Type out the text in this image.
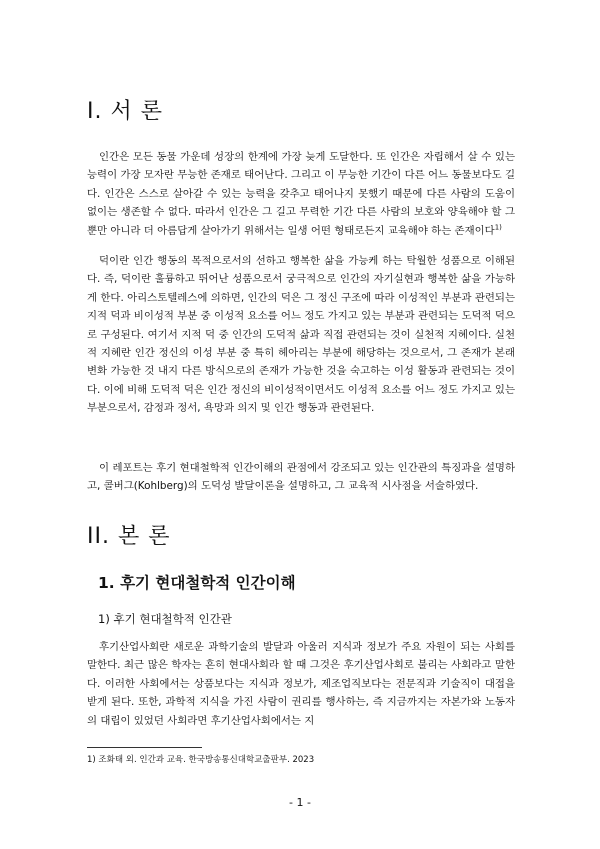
I. 서 론

인간은 모든 동물 가운데 성장의 한계에 가장 늦게 도달한다. 또 인간은 자립해서 살 수 있는 능력이 가장 모자란 무능한 존재로 태어난다. 그리고 이 무능한 기간이 다른 어느 동물보다도 길다. 인간은 스스로 살아갈 수 있는 능력을 갖추고 태어나지 못했기 때문에 다른 사람의 도움이 없이는 생존할 수 없다. 따라서 인간은 그 길고 무력한 기간 다른 사람의 보호와 양육해야 할 그뿐만 아니라 더 아름답게 살아가기 위해서는 일생 어떤 형태로든지 교육해야 하는 존재이다$^{1)}$

덕이란 인간 행동의 목적으로서의 선하고 행복한 삶을 가능케 하는 탁월한 성품으로 이해된다. 즉, 덕이란 훌륭하고 뛰어난 성품으로서 궁극적으로 인간의 자기실현과 행복한 삶을 가능하게 한다. 아리스토텔레스에 의하면, 인간의 덕은 그 정신 구조에 따라 이성적인 부분과 관련되는 지적 덕과 비이성적 부분 중 이성적 요소를 어느 정도 가지고 있는 부분과 관련되는 도덕적 덕으로 구성된다. 여기서 지적 덕 중 인간의 도덕적 삶과 직접 관련되는 것이 실천적 지혜이다. 실천적 지혜란 인간 정신의 이성 부분 중 특히 헤아리는 부분에 해당하는 것으로서, 그 존재가 본래 변화 가능한 것 내지 다른 방식으로의 존재가 가능한 것을 숙고하는 이성 활동과 관련되는 것이다. 이에 비해 도덕적 덕은 인간 정신의 비이성적이면서도 이성적 요소를 어느 정도 가지고 있는 부분으로서, 감정과 정서, 욕망과 의지 및 인간 행동과 관련된다.

이 레포트는 후기 현대철학적 인간이해의 관점에서 강조되고 있는 인간관의 특징과을 설명하고, 콜버그(Kohlberg)의 도덕성 발달이론을 설명하고, 그 교육적 시사점을 서술하였다.

II. 본 론
1. 후기 현대철학적 인간이해
1) 후기 현대철학적 인간관

후기산업사회란 새로운 과학기술의 발달과 아울러 지식과 정보가 주요 자원이 되는 사회를 말한다. 최근 많은 학자는 흔히 현대사회라 할 때 그것은 후기산업사회로 불리는 사회라고 말한다. 이러한 사회에서는 상품보다는 지식과 정보가, 제조업직보다는 전문직과 기술직이 대접을 받게 된다. 또한, 과학적 지식을 가진 사람이 권리를 행사하는, 즉 지금까지는 자본가와 노동자의 대립이 있었던 사회라면 후기산업사회에서는 지

1) 조화태 외. 인간과 교육. 한국방송통신대학교출판부. 2023
- 1 -
